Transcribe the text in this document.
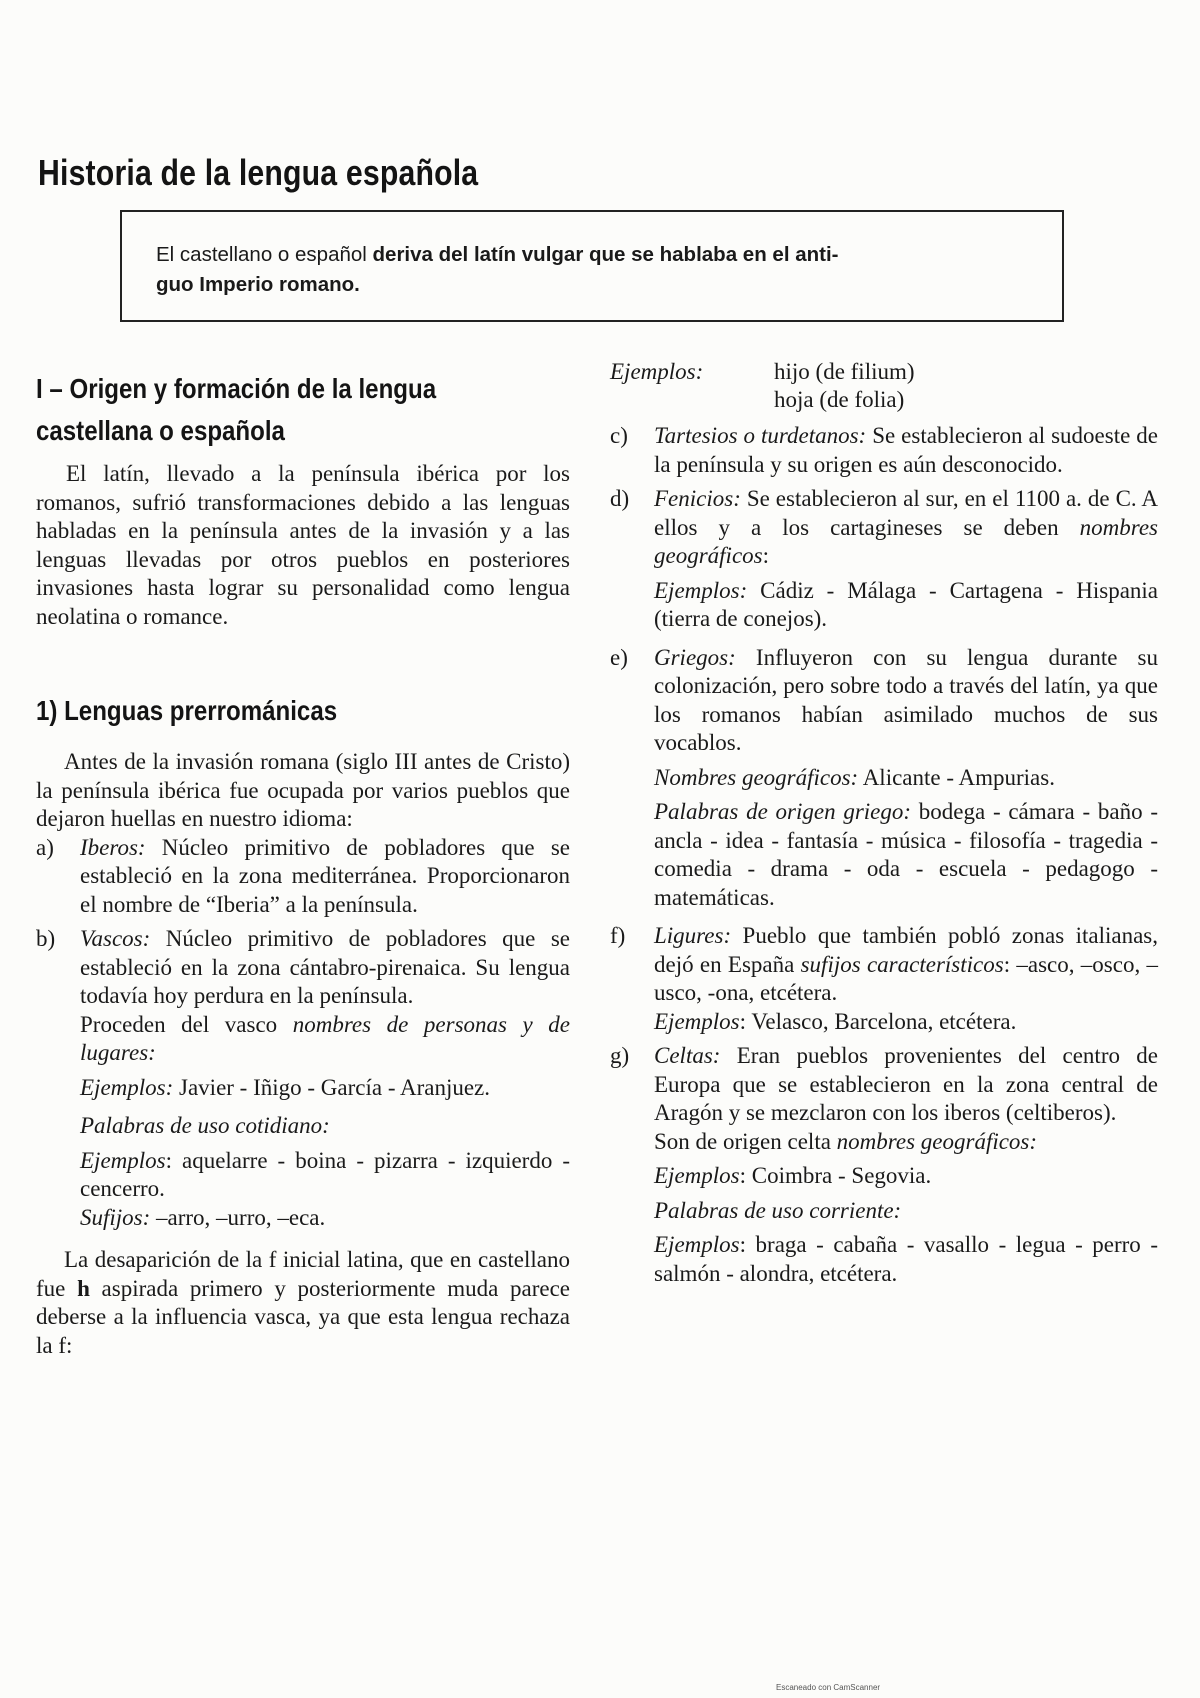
Historia de la lengua española

El castellano o español deriva del latín vulgar que se hablaba en el anti-
guo Imperio romano.

I – Origen y formación de la lengua castellana o española

El latín, llevado a la península ibérica por los romanos, sufrió transformaciones debido a las lenguas habladas en la península antes de la invasión y a las lenguas llevadas por otros pueblos en posteriores invasiones hasta lograr su personalidad como lengua neolatina o romance.

1) Lenguas prerrománicas

Antes de la invasión romana (siglo III antes de Cristo) la península ibérica fue ocupada por varios pueblos que dejaron huellas en nuestro idioma:

a) Iberos: Núcleo primitivo de pobladores que se estableció en la zona mediterránea. Proporcionaron el nombre de “Iberia” a la península.
b) Vascos: Núcleo primitivo de pobladores que se estableció en la zona cántabro-pirenaica. Su lengua todavía hoy perdura en la península.

Proceden del vasco nombres de personas y de lugares:

Ejemplos: Javier - Iñigo - García - Aranjuez.

Palabras de uso cotidiano:

Ejemplos: aquelarre - boina - pizarra - izquierdo - cencerro.

Sufijos: –arro, –urro, –eca.

La desaparición de la f inicial latina, que en castellano fue h aspirada primero y posteriormente muda parece deberse a la influencia vasca, ya que esta lengua rechaza la f:

Ejemplos:	hijo (de filium)
hoja (de folia)
c) Tartesios o turdetanos: Se establecieron al sudoeste de la península y su origen es aún desconocido.
d) Fenicios: Se establecieron al sur, en el 1100 a. de C. A ellos y a los cartagineses se deben nombres geográficos:

Ejemplos: Cádiz - Málaga - Cartagena - Hispania (tierra de conejos).

e) Griegos: Influyeron con su lengua durante su colonización, pero sobre todo a través del latín, ya que los romanos habían asimilado muchos de sus vocablos.

Nombres geográficos: Alicante - Ampurias.

Palabras de origen griego: bodega - cámara - baño - ancla - idea - fantasía - música - filosofía - tragedia - comedia - drama - oda - escuela - pedagogo - matemáticas.

f) Ligures: Pueblo que también pobló zonas italianas, dejó en España sufijos característicos: –asco, –osco, –usco, -ona, etcétera.

Ejemplos: Velasco, Barcelona, etcétera.

g) Celtas: Eran pueblos provenientes del centro de Europa que se establecieron en la zona central de Aragón y se mezclaron con los iberos (celtiberos).

Son de origen celta nombres geográficos:

Ejemplos: Coimbra - Segovia.

Palabras de uso corriente:

Ejemplos: braga - cabaña - vasallo - legua - perro - salmón - alondra, etcétera.

Escaneado con CamScanner
